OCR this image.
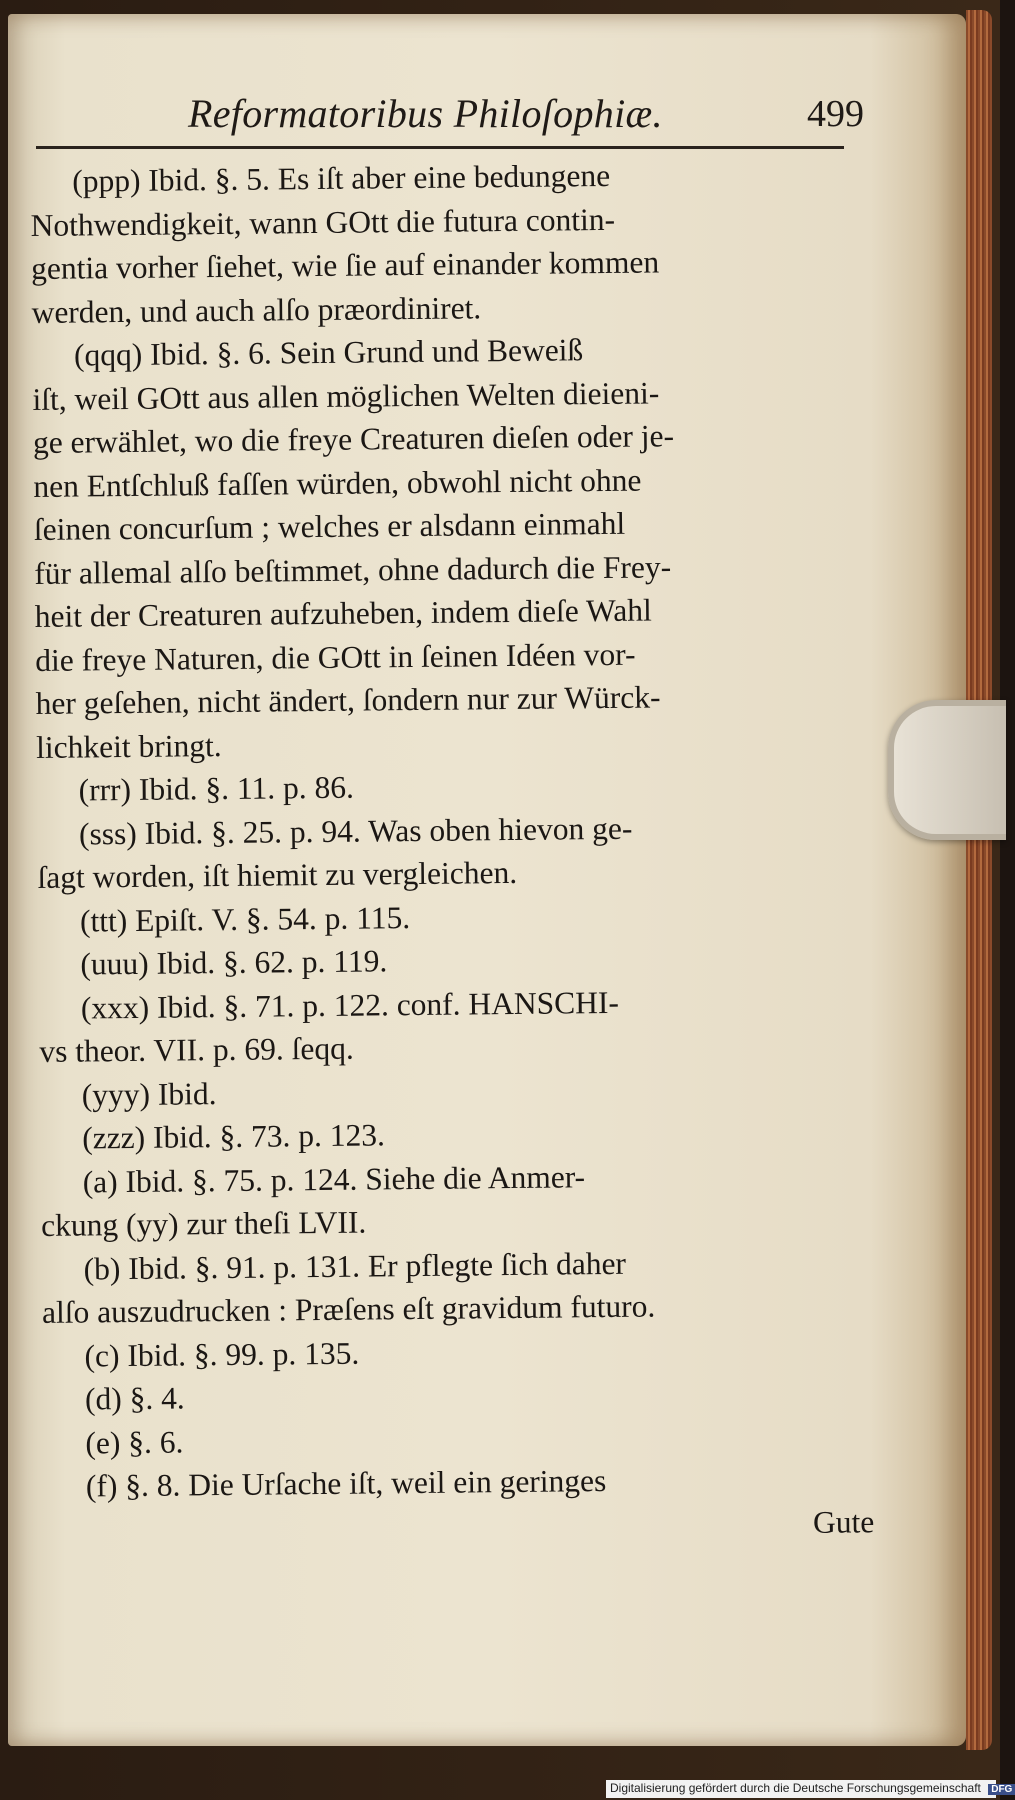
Reformatoribus Philoſophiæ.	499

(ppp) Ibid. §. 5. Es iſt aber eine bedungene
Nothwendigkeit, wann GOtt die futura contin-
gentia vorher ſiehet, wie ſie auf einander kommen
werden, und auch alſo præordiniret.

(qqq) Ibid. §. 6. Sein Grund und Beweiß
iſt, weil GOtt aus allen möglichen Welten dieieni-
ge erwählet, wo die freye Creaturen dieſen oder je-
nen Entſchluß faſſen würden, obwohl nicht ohne
ſeinen concurſum ; welches er alsdann einmahl
für allemal alſo beſtimmet, ohne dadurch die Frey-
heit der Creaturen aufzuheben, indem dieſe Wahl
die freye Naturen, die GOtt in ſeinen Idéen vor-
her geſehen, nicht ändert, ſondern nur zur Würck-
lichkeit bringt.

(rrr) Ibid. §. 11. p. 86.

(sss) Ibid. §. 25. p. 94. Was oben hievon ge-
ſagt worden, iſt hiemit zu vergleichen.

(ttt) Epiſt. V. §. 54. p. 115.

(uuu) Ibid. §. 62. p. 119.

(xxx) Ibid. §. 71. p. 122. conf. HANSCHI-
vs theor. VII. p. 69. ſeqq.

(yyy) Ibid.

(zzz) Ibid. §. 73. p. 123.

(a) Ibid. §. 75. p. 124. Siehe die Anmer-
ckung (yy) zur theſi LVII.

(b) Ibid. §. 91. p. 131. Er pflegte ſich daher
alſo auszudrucken : Præſens eſt gravidum futuro.

(c) Ibid. §. 99. p. 135.

(d) §. 4.

(e) §. 6.

(f) §. 8. Die Urſache iſt, weil ein geringes

Gute

Digitalisierung gefördert durch die Deutsche Forschungsgemeinschaft DFG
